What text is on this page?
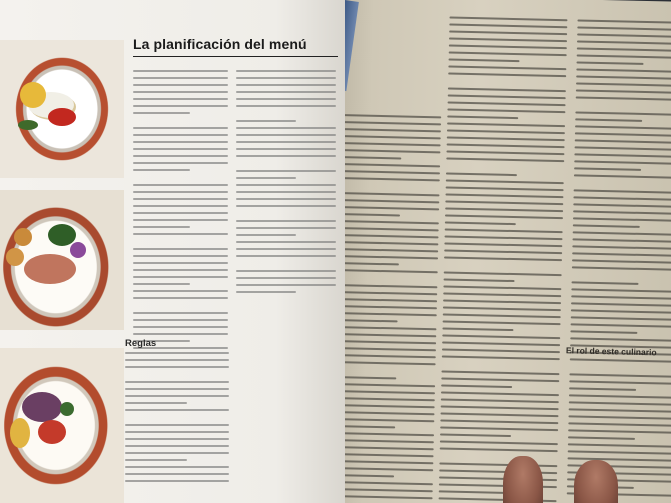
El rol de este culinario
La planificación del menú
Reglas
